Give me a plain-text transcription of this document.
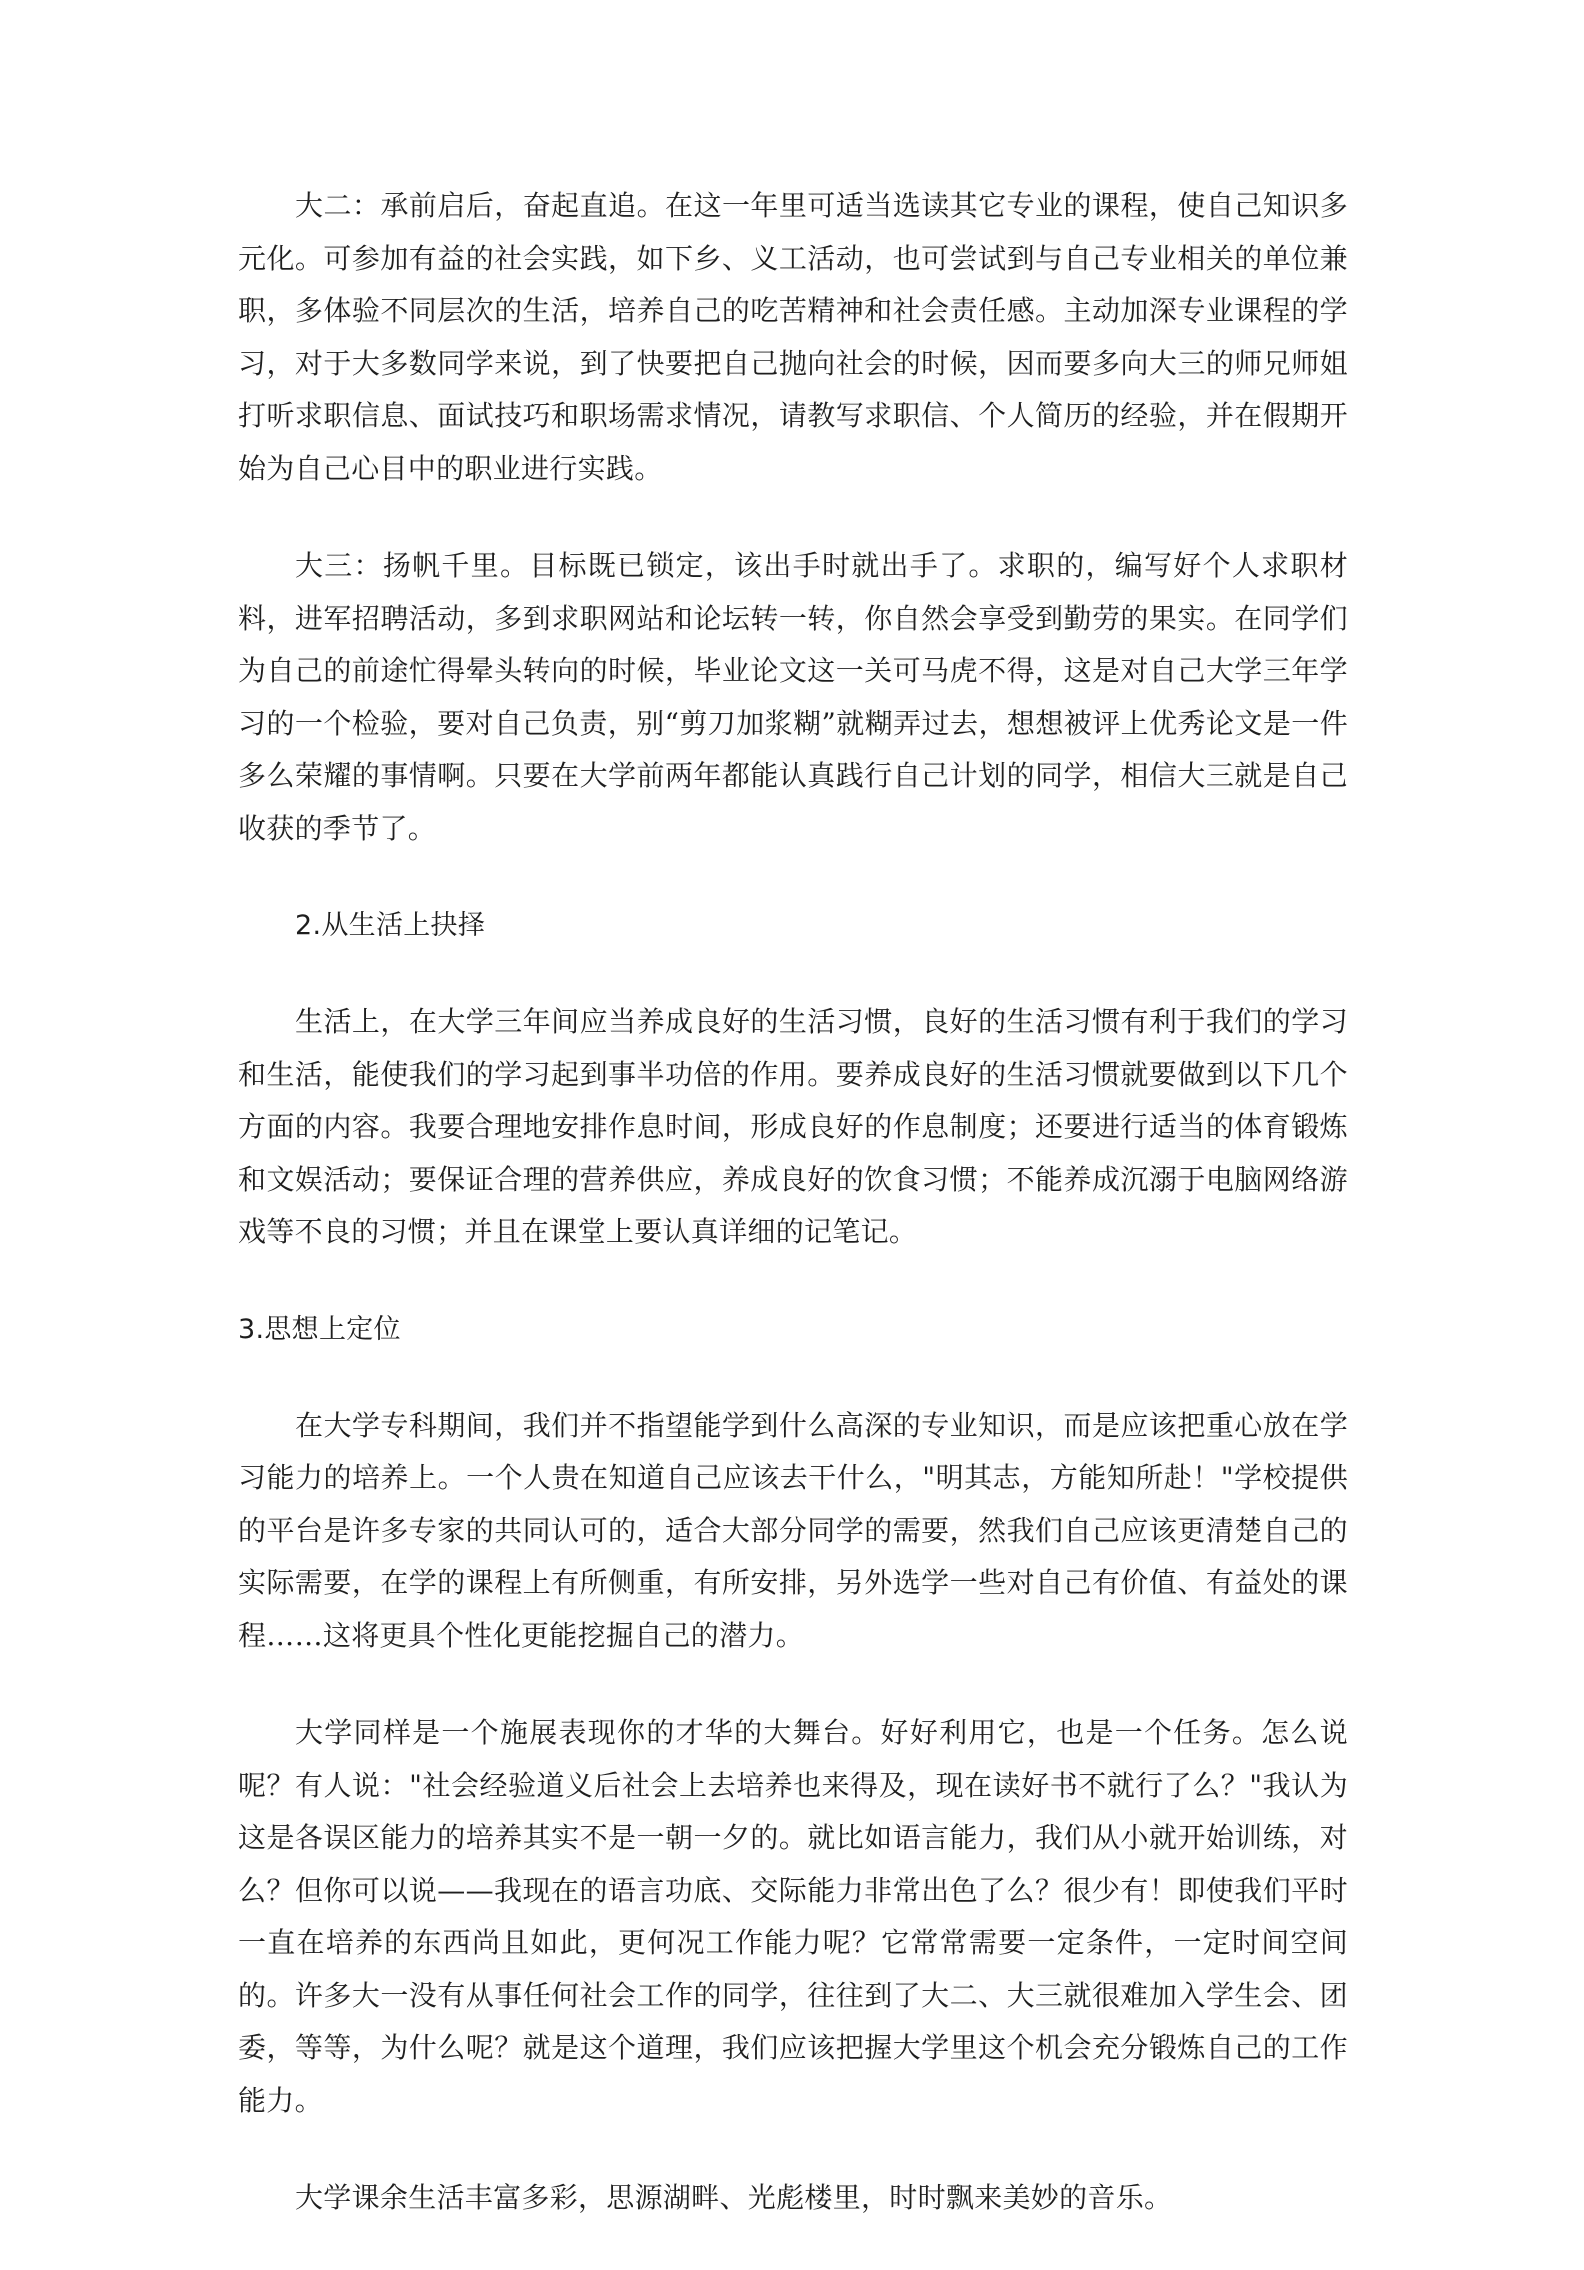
大二：承前启后，奋起直追。在这一年里可适当选读其它专业的课程，使自己知识多元化。可参加有益的社会实践，如下乡、义工活动，也可尝试到与自己专业相关的单位兼职，多体验不同层次的生活，培养自己的吃苦精神和社会责任感。主动加深专业课程的学习，对于大多数同学来说，到了快要把自己抛向社会的时候，因而要多向大三的师兄师姐打听求职信息、面试技巧和职场需求情况，请教写求职信、个人简历的经验，并在假期开始为自己心目中的职业进行实践。

大三：扬帆千里。目标既已锁定，该出手时就出手了。求职的，编写好个人求职材料，进军招聘活动，多到求职网站和论坛转一转，你自然会享受到勤劳的果实。在同学们为自己的前途忙得晕头转向的时候，毕业论文这一关可马虎不得，这是对自己大学三年学习的一个检验，要对自己负责，别“剪刀加浆糊”就糊弄过去，想想被评上优秀论文是一件多么荣耀的事情啊。只要在大学前两年都能认真践行自己计划的同学，相信大三就是自己收获的季节了。

2.从生活上抉择

生活上，在大学三年间应当养成良好的生活习惯，良好的生活习惯有利于我们的学习和生活，能使我们的学习起到事半功倍的作用。要养成良好的生活习惯就要做到以下几个方面的内容。我要合理地安排作息时间，形成良好的作息制度；还要进行适当的体育锻炼和文娱活动；要保证合理的营养供应，养成良好的饮食习惯；不能养成沉溺于电脑网络游戏等不良的习惯；并且在课堂上要认真详细的记笔记。

3.思想上定位

在大学专科期间，我们并不指望能学到什么高深的专业知识，而是应该把重心放在学习能力的培养上。一个人贵在知道自己应该去干什么，"明其志，方能知所赴！"学校提供的平台是许多专家的共同认可的，适合大部分同学的需要，然我们自己应该更清楚自己的实际需要，在学的课程上有所侧重，有所安排，另外选学一些对自己有价值、有益处的课程……这将更具个性化更能挖掘自己的潜力。

大学同样是一个施展表现你的才华的大舞台。好好利用它，也是一个任务。怎么说呢？有人说："社会经验道义后社会上去培养也来得及，现在读好书不就行了么？"我认为这是各误区能力的培养其实不是一朝一夕的。就比如语言能力，我们从小就开始训练，对么？但你可以说——我现在的语言功底、交际能力非常出色了么？很少有！即使我们平时一直在培养的东西尚且如此，更何况工作能力呢？它常常需要一定条件，一定时间空间的。许多大一没有从事任何社会工作的同学，往往到了大二、大三就很难加入学生会、团委，等等，为什么呢？就是这个道理，我们应该把握大学里这个机会充分锻炼自己的工作能力。

大学课余生活丰富多彩，思源湖畔、光彪楼里，时时飘来美妙的音乐。
